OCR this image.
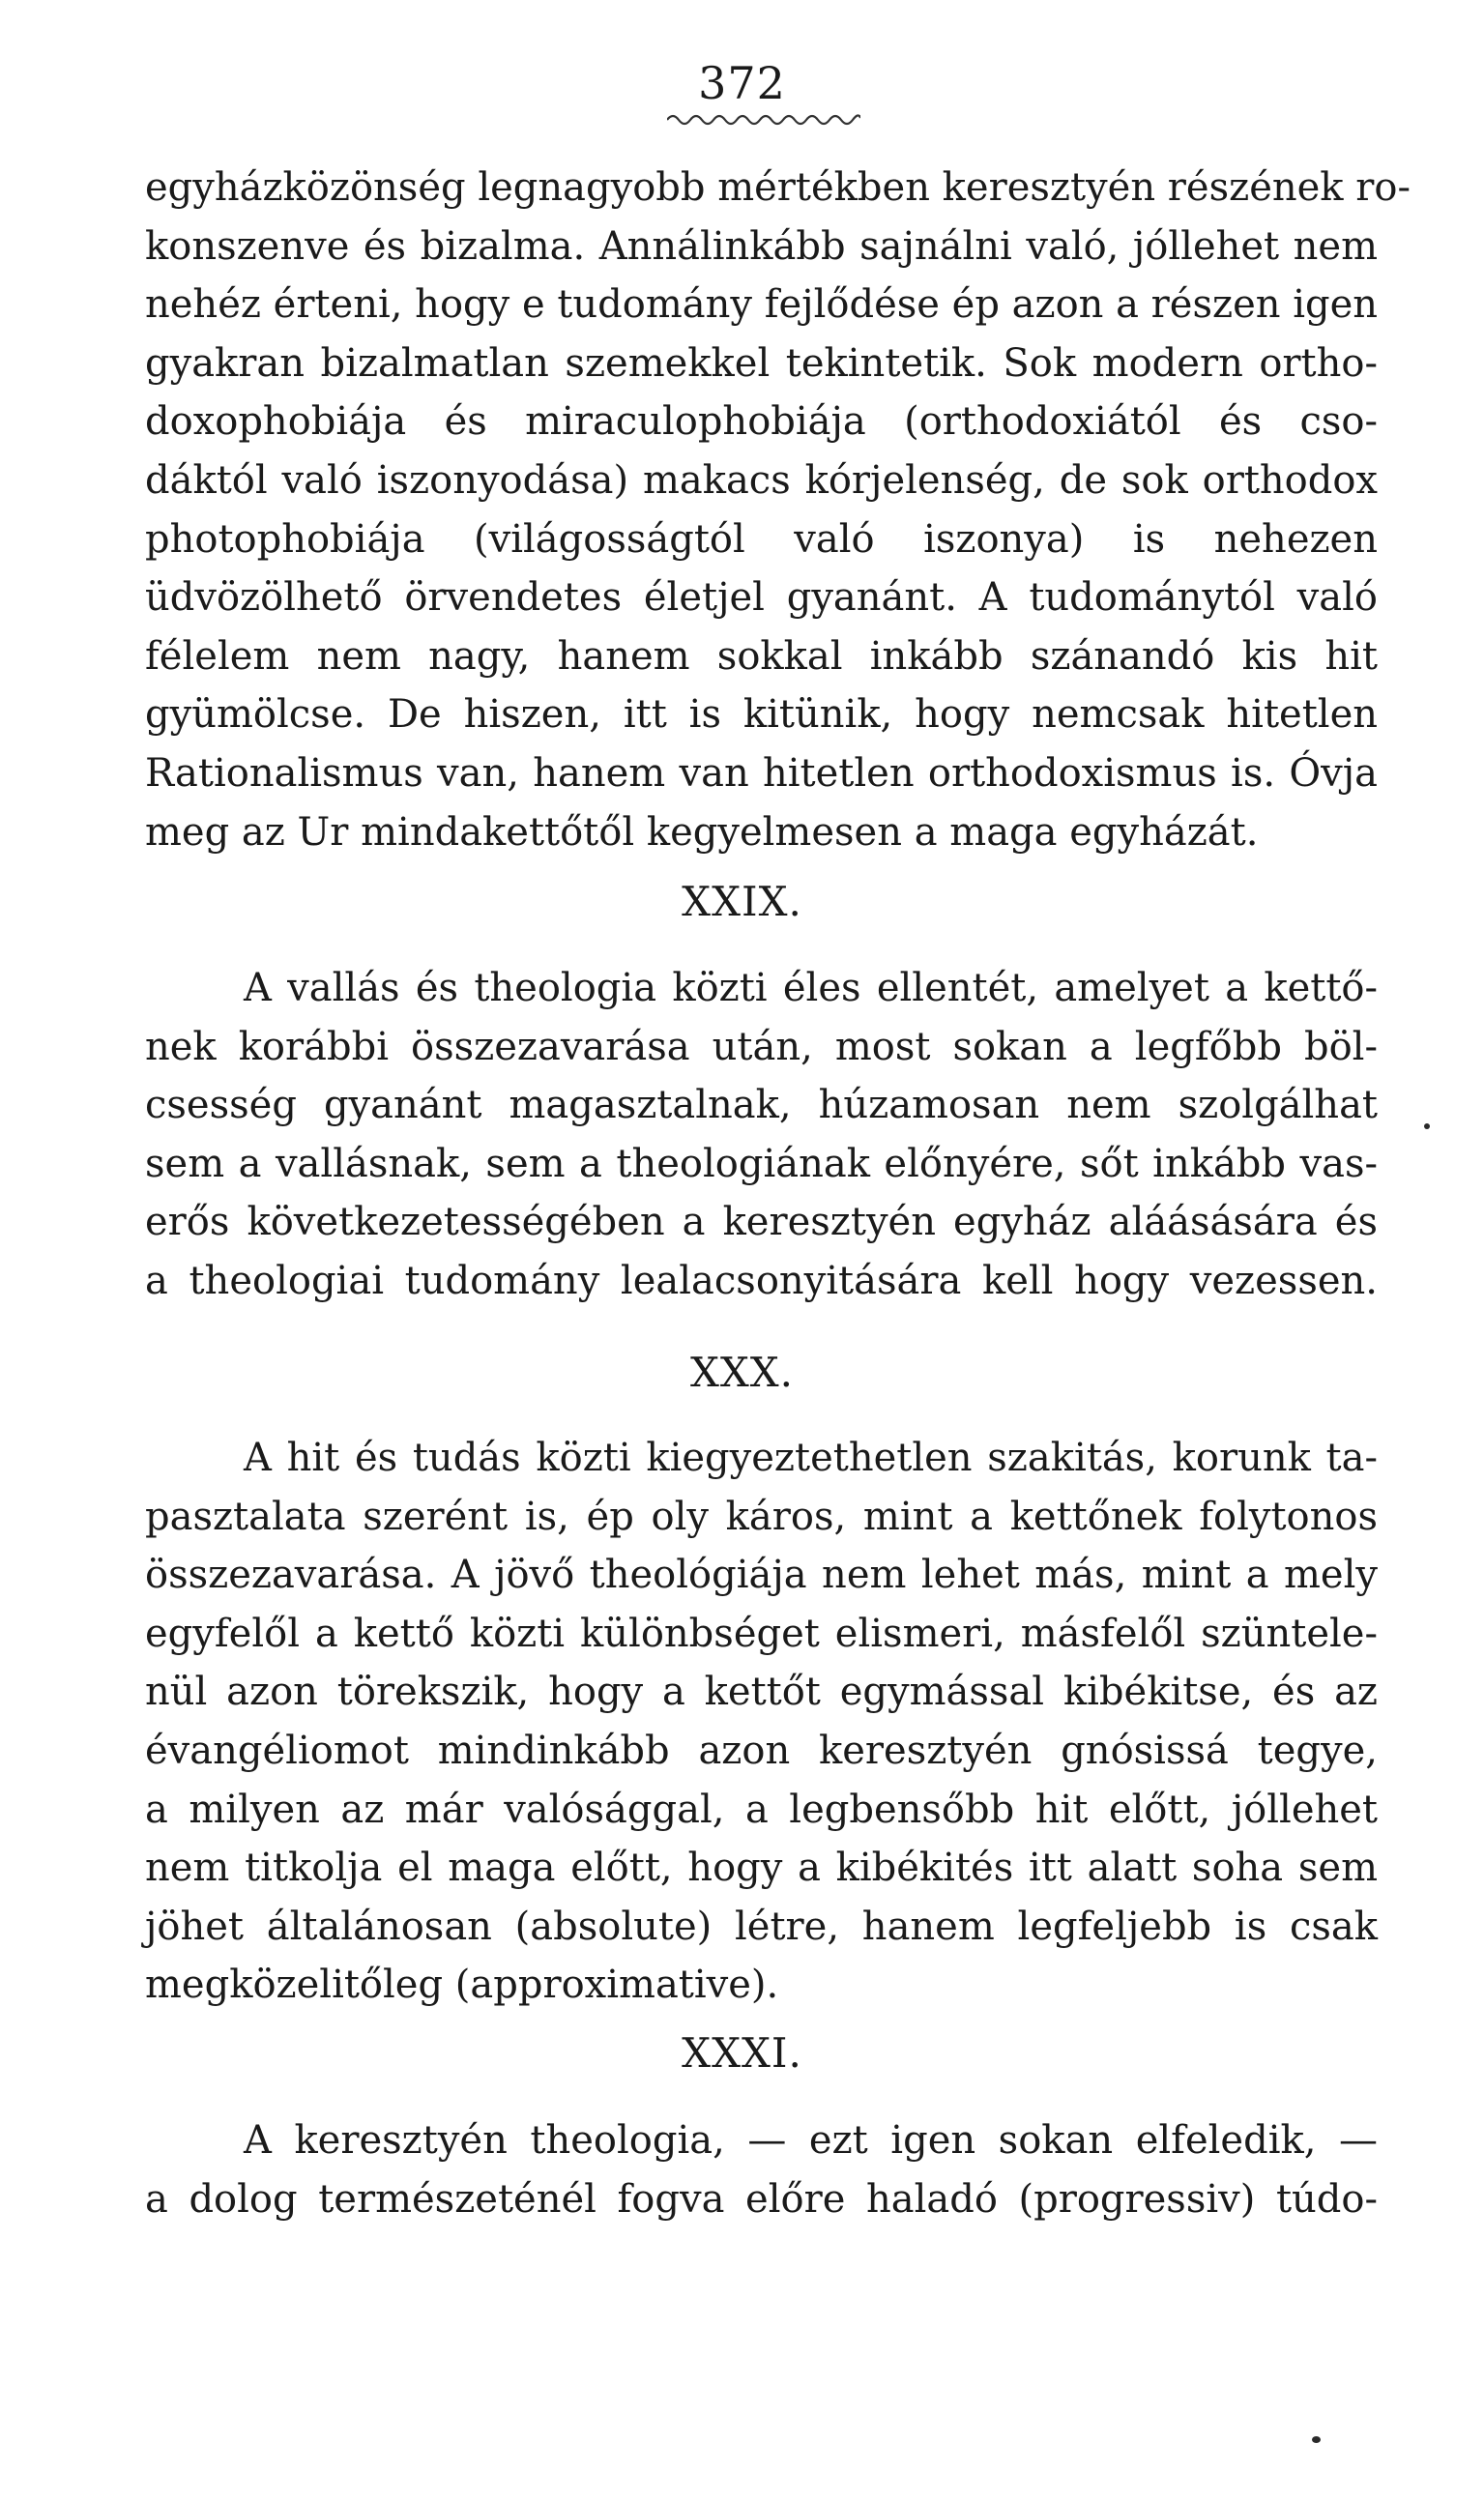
372
egyházközönség legnagyobb mértékben keresztyén részének ro-
konszenve és bizalma. Annálinkább sajnálni való, jóllehet nem
nehéz érteni, hogy e tudomány fejlődése ép azon a részen igen
gyakran bizalmatlan szemekkel tekintetik. Sok modern ortho-
doxophobiája és miraculophobiája (orthodoxiától és cso-
dáktól való iszonyodása) makacs kórjelenség, de sok orthodox
photophobiája (világosságtól való iszonya) is nehezen
üdvözölhető örvendetes életjel gyanánt. A tudománytól való
félelem nem nagy, hanem sokkal inkább szánandó kis hit
gyümölcse. De hiszen, itt is kitünik, hogy nemcsak hitetlen
Rationalismus van, hanem van hitetlen orthodoxismus is. Óvja
meg az Ur mindakettőtől kegyelmesen a maga egyházát.
XXIX.
A vallás és theologia közti éles ellentét, amelyet a kettő-
nek korábbi összezavarása után, most sokan a legfőbb böl-
csesség gyanánt magasztalnak, húzamosan nem szolgálhat
sem a vallásnak, sem a theologiának előnyére, sőt inkább vas-
erős következetességében a keresztyén egyház aláásására és
a theologiai tudomány lealacsonyitására kell hogy vezessen.
XXX.
A hit és tudás közti kiegyeztethetlen szakitás, korunk ta-
pasztalata szerént is, ép oly káros, mint a kettőnek folytonos
összezavarása. A jövő theológiája nem lehet más, mint a mely
egyfelől a kettő közti különbséget elismeri, másfelől szüntele-
nül azon törekszik, hogy a kettőt egymással kibékitse, és az
évangéliomot mindinkább azon keresztyén gnósissá tegye,
a milyen az már valósággal, a legbensőbb hit előtt, jóllehet
nem titkolja el maga előtt, hogy a kibékités itt alatt soha sem
jöhet általánosan (absolute) létre, hanem legfeljebb is csak
megközelitőleg (approximative).
XXXI.
A keresztyén theologia, — ezt igen sokan elfeledik, —
a dolog természeténél fogva előre haladó (progressiv) túdo-
